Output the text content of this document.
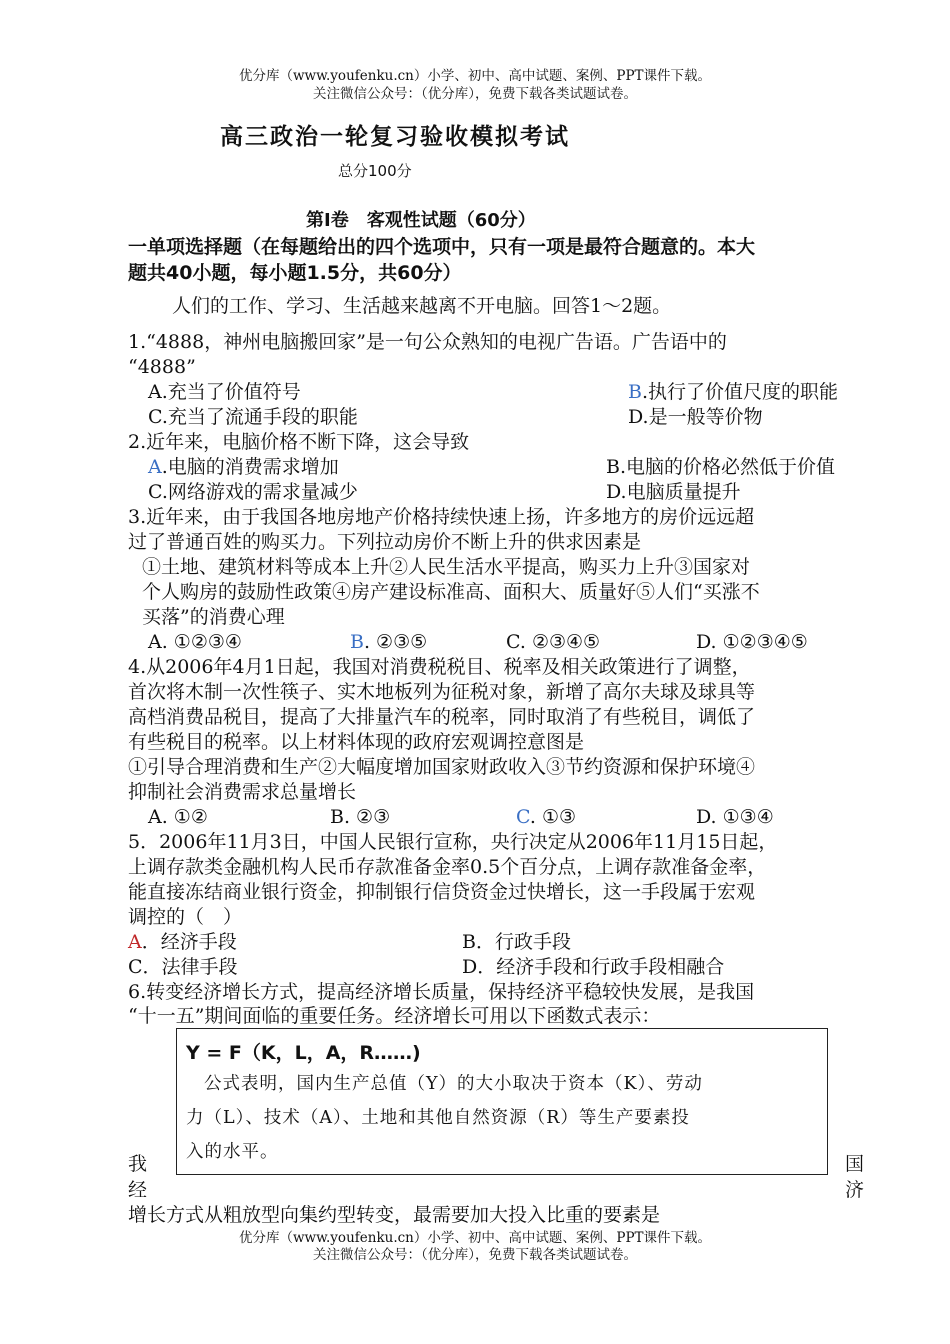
优分库（www.youfenku.cn）小学、初中、高中试题、案例、PPT课件下载。
关注微信公众号：（优分库），免费下载各类试题试卷。
高三政治一轮复习验收模拟考试
总分100分
第Ⅰ卷　客观性试题（60分）
一单项选择题（在每题给出的四个选项中，只有一项是最符合题意的。本大
题共40小题，每小题1.5分，共60分）
人们的工作、学习、生活越来越离不开电脑。回答1～2题。
1.“4888，神州电脑搬回家”是一句公众熟知的电视广告语。广告语中的
“4888”
A.充当了价值符号	B.执行了价值尺度的职能
C.充当了流通手段的职能	D.是一般等价物
2.近年来，电脑价格不断下降，这会导致
A.电脑的消费需求增加	B.电脑的价格必然低于价值
C.网络游戏的需求量减少	D.电脑质量提升
3.近年来，由于我国各地房地产价格持续快速上扬，许多地方的房价远远超
过了普通百姓的购买力。下列拉动房价不断上升的供求因素是
①土地、建筑材料等成本上升②人民生活水平提高，购买力上升③国家对
个人购房的鼓励性政策④房产建设标准高、面积大、质量好⑤人们“买涨不
买落”的消费心理
A. ①②③④	B. ②③⑤	C. ②③④⑤	D. ①②③④⑤
4.从2006年4月1日起，我国对消费税税目、税率及相关政策进行了调整，
首次将木制一次性筷子、实木地板列为征税对象，新增了高尔夫球及球具等
高档消费品税目，提高了大排量汽车的税率，同时取消了有些税目，调低了
有些税目的税率。以上材料体现的政府宏观调控意图是
①引导合理消费和生产②大幅度增加国家财政收入③节约资源和保护环境④
抑制社会消费需求总量增长
A. ①②	B. ②③	C. ①③	D. ①③④
5．2006年11月3日，中国人民银行宣称，央行决定从2006年11月15日起，
上调存款类金融机构人民币存款准备金率0.5个百分点，上调存款准备金率，
能直接冻结商业银行资金，抑制银行信贷资金过快增长，这一手段属于宏观
调控的（　）
A．经济手段	B．行政手段
C．法律手段	D．经济手段和行政手段相融合
6.转变经济增长方式，提高经济增长质量，保持经济平稳较快发展，是我国
“十一五”期间面临的重要任务。经济增长可用以下函数式表示：
Y = F（K，L，A，R……)
公式表明，国内生产总值（Y）的大小取决于资本（K）、劳动
力（L）、技术（A）、土地和其他自然资源（R）等生产要素投
入的水平。
我
经
国
济
增长方式从粗放型向集约型转变，最需要加大投入比重的要素是
优分库（www.youfenku.cn）小学、初中、高中试题、案例、PPT课件下载。
关注微信公众号：（优分库），免费下载各类试题试卷。
